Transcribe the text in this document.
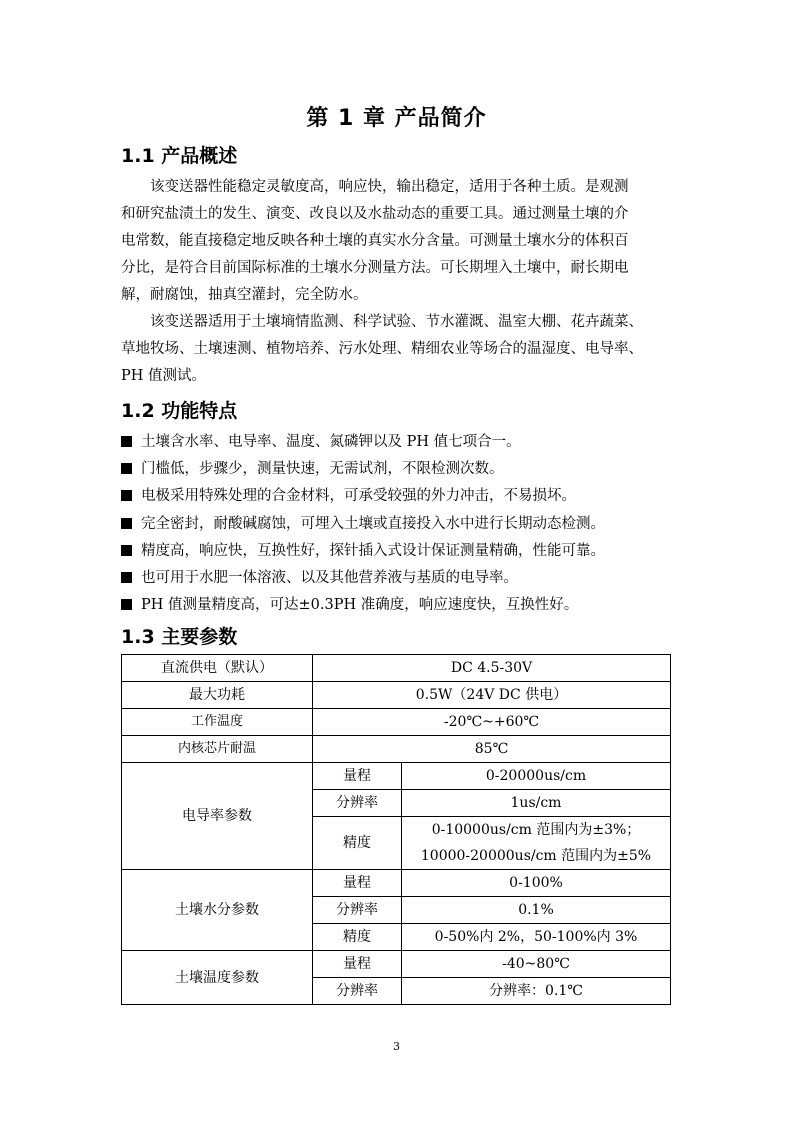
第 1 章 产品简介
1.1 产品概述

该变送器性能稳定灵敏度高，响应快，输出稳定，适用于各种土质。是观测
和研究盐渍土的发生、演变、改良以及水盐动态的重要工具。通过测量土壤的介
电常数，能直接稳定地反映各种土壤的真实水分含量。可测量土壤水分的体积百
分比，是符合目前国际标准的土壤水分测量方法。可长期埋入土壤中，耐长期电
解，耐腐蚀，抽真空灌封，完全防水。

该变送器适用于土壤墒情监测、科学试验、节水灌溉、温室大棚、花卉蔬菜、
草地牧场、土壤速测、植物培养、污水处理、精细农业等场合的温湿度、电导率、
PH 值测试。

1.2 功能特点
土壤含水率、电导率、温度、氮磷钾以及 PH 值七项合一。
门槛低，步骤少，测量快速，无需试剂，不限检测次数。
电极采用特殊处理的合金材料，可承受较强的外力冲击，不易损坏。
完全密封，耐酸碱腐蚀，可埋入土壤或直接投入水中进行长期动态检测。
精度高，响应快，互换性好，探针插入式设计保证测量精确，性能可靠。
也可用于水肥一体溶液、以及其他营养液与基质的电导率。
PH 值测量精度高，可达±0.3PH 准确度，响应速度快，互换性好。
1.3 主要参数
直流供电（默认）	DC 4.5-30V	
最大功耗	0.5W（24V DC 供电）	
工作温度	-20℃~+60℃	
内核芯片耐温	85℃	
电导率参数	量程	0-20000us/cm
	分辨率	1us/cm
	精度	0-10000us/cm 范围内为±3%；
10000-20000us/cm 范围内为±5%

土壤水分参数	量程	0-100%
	分辨率	0.1%
	精度	0-50%内 2%，50-100%内 3%
土壤温度参数	量程	-40~80℃
	分辨率	分辨率：0.1℃
3
